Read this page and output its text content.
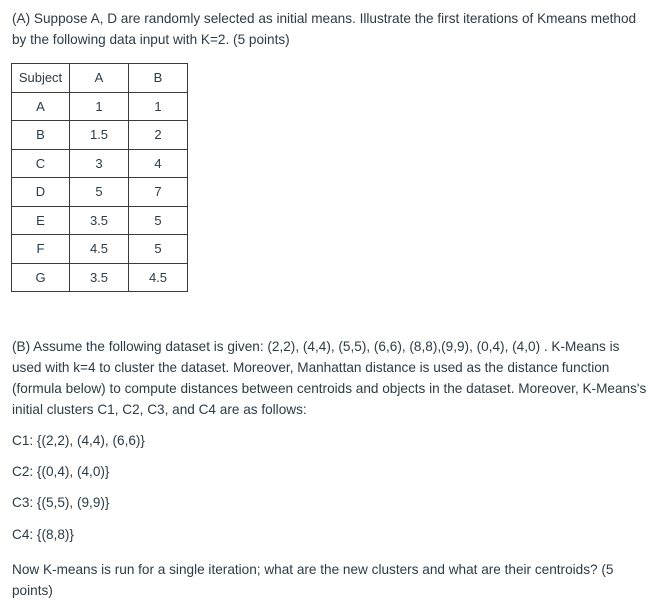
(A) Suppose A, D are randomly selected as initial means. Illustrate the first iterations of Kmeans method by the following data input with K=2. (5 points)

Subject	A	B
A	1	1
B	1.5	2
C	3	4
D	5	7
E	3.5	5
F	4.5	5
G	3.5	4.5

(B) Assume the following dataset is given: (2,2), (4,4), (5,5), (6,6), (8,8),(9,9), (0,4), (4,0) . K-Means is used with k=4 to cluster the dataset. Moreover, Manhattan distance is used as the distance function (formula below) to compute distances between centroids and objects in the dataset. Moreover, K-Means's initial clusters C1, C2, C3, and C4 are as follows:

C1: {(2,2), (4,4), (6,6)}

C2: {(0,4), (4,0)}

C3: {(5,5), (9,9)}

C4: {(8,8)}

Now K-means is run for a single iteration; what are the new clusters and what are their centroids? (5 points)
